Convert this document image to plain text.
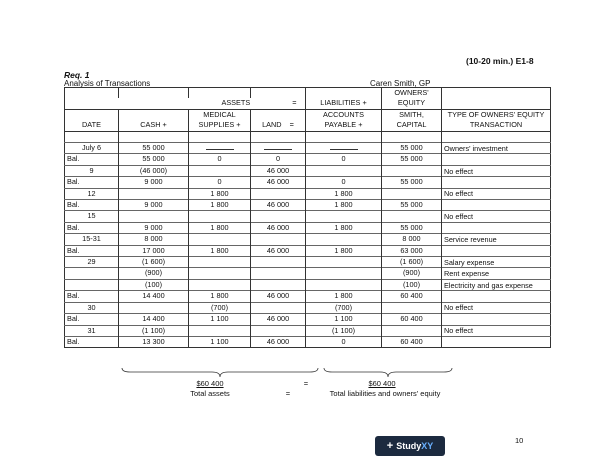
(10-20 min.) E1-8
Req. 1
Analysis of Transactions	Caren Smith, GP
					OWNERS'	
ASSETS =				LIABILITIES +	EQUITY	
DATE	CASH +	MEDICAL SUPPLIES +	LAND =	ACCOUNTS PAYABLE +	SMITH, CAPITAL	TYPE OF OWNERS' EQUITY TRANSACTION

July 6	55 000				55 000	Owners' investment
Bal.	55 000	0	0	0	55 000	
9	(46 000)		46 000			No effect
Bal.	9 000	0	46 000	0	55 000	
12		1 800		1 800		No effect
Bal.	9 000	1 800	46 000	1 800	55 000	
15						No effect
Bal.	9 000	1 800	46 000	1 800	55 000	
15-31	8 000				8 000	Service revenue
Bal.	17 000	1 800	46 000	1 800	63 000	
29	(1 600)				(1 600)	Salary expense
	(900)				(900)	Rent expense
	(100)				(100)	Electricity and gas expense
Bal.	14 400	1 800	46 000	1 800	60 400	
30		(700)		(700)		No effect
Bal.	14 400	1 100	46 000	1 100	60 400	
31	(1 100)			(1 100)		No effect
Bal.	13 300	1 100	46 000	0	60 400	
$60 400	=	$60 400
Total assets	=	Total liabilities and owners' equity
+ Study XY
10
